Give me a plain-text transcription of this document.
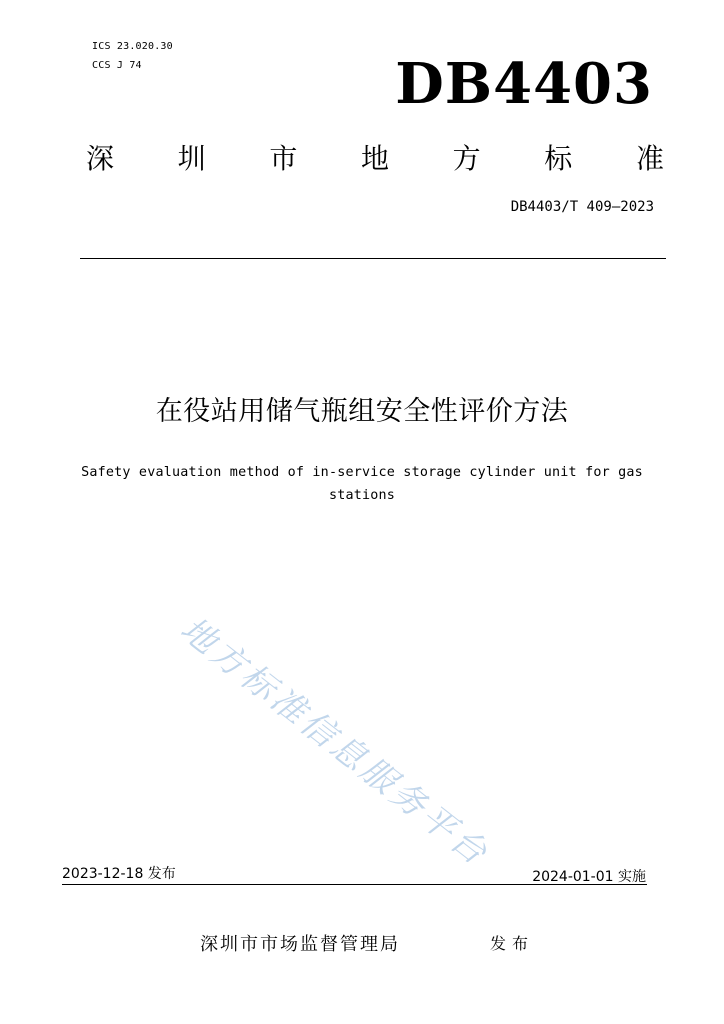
ICS 23.020.30
CCS J 74	DB4403
深 圳 市 地 方 标 准
DB4403/T 409—2023
在役站用储气瓶组安全性评价方法
Safety evaluation method of in-service storage cylinder unit for gas stations
地方标准信息服务平台
2023-12-18 发布	2024-01-01 实施
深圳市市场监督管理局	发布
